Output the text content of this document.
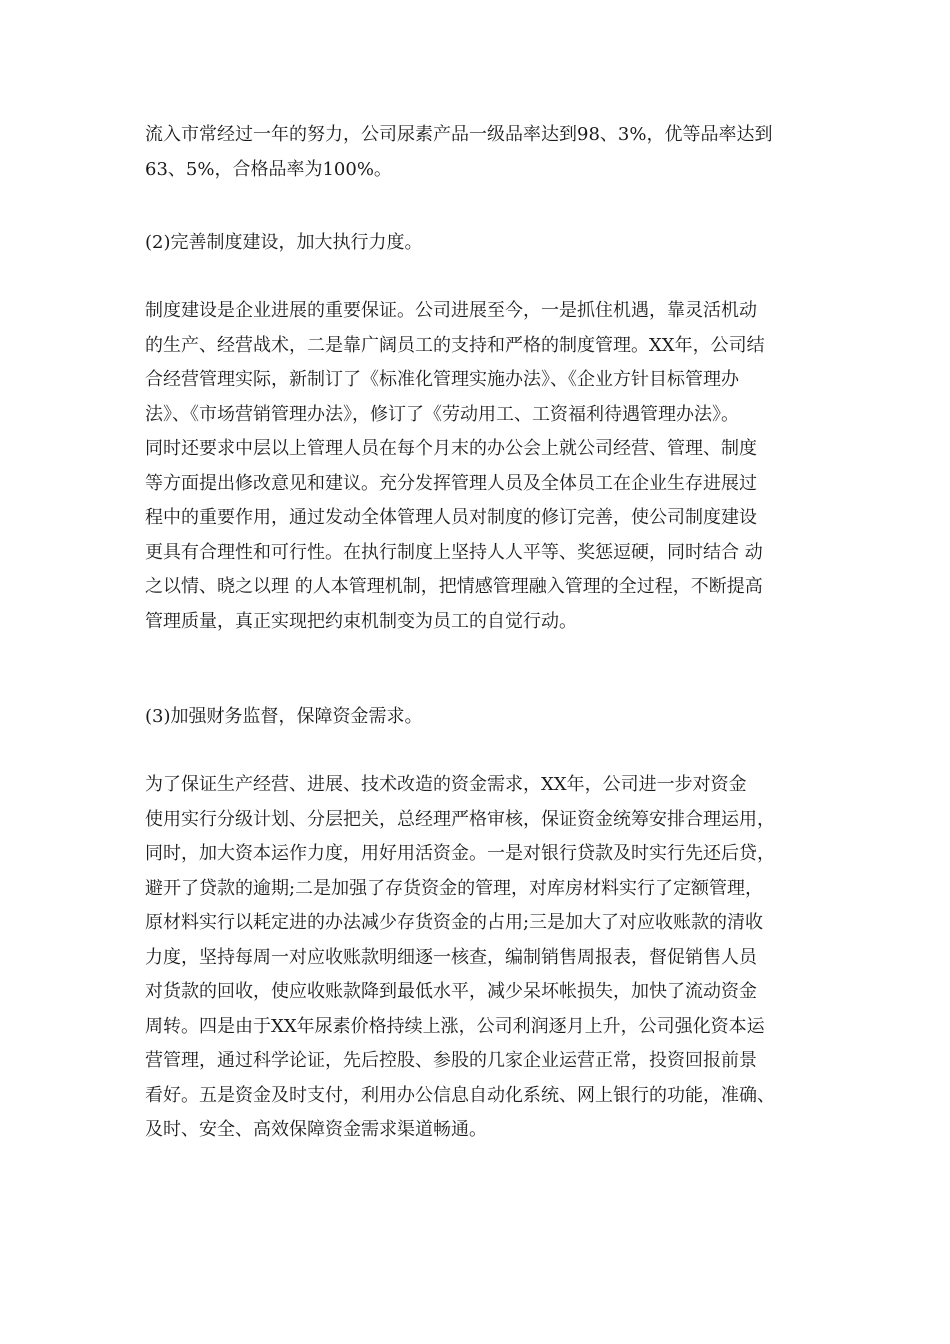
流入市常经过一年的努力，公司尿素产品一级品率达到98、3%，优等品率达到
63、5%，合格品率为100%。
(2)完善制度建设，加大执行力度。
制度建设是企业进展的重要保证。公司进展至今，一是抓住机遇，靠灵活机动
的生产、经营战术，二是靠广阔员工的支持和严格的制度管理。XX年，公司结
合经营管理实际，新制订了《标准化管理实施办法》、《企业方针目标管理办
法》、《市场营销管理办法》，修订了《劳动用工、工资福利待遇管理办法》。
同时还要求中层以上管理人员在每个月末的办公会上就公司经营、管理、制度
等方面提出修改意见和建议。充分发挥管理人员及全体员工在企业生存进展过
程中的重要作用，通过发动全体管理人员对制度的修订完善，使公司制度建设
更具有合理性和可行性。在执行制度上坚持人人平等、奖惩逗硬，同时结合 动
之以情、晓之以理 的人本管理机制，把情感管理融入管理的全过程，不断提高
管理质量，真正实现把约束机制变为员工的自觉行动。
(3)加强财务监督，保障资金需求。
为了保证生产经营、进展、技术改造的资金需求，XX年，公司进一步对资金
使用实行分级计划、分层把关，总经理严格审核，保证资金统筹安排合理运用，
同时，加大资本运作力度，用好用活资金。一是对银行贷款及时实行先还后贷，
避开了贷款的逾期;二是加强了存货资金的管理，对库房材料实行了定额管理，
原材料实行以耗定进的办法减少存货资金的占用;三是加大了对应收账款的清收
力度，坚持每周一对应收账款明细逐一核查，编制销售周报表，督促销售人员
对货款的回收，使应收账款降到最低水平，减少呆坏帐损失，加快了流动资金
周转。四是由于XX年尿素价格持续上涨，公司利润逐月上升，公司强化资本运
营管理，通过科学论证，先后控股、参股的几家企业运营正常，投资回报前景
看好。五是资金及时支付，利用办公信息自动化系统、网上银行的功能，准确、
及时、安全、高效保障资金需求渠道畅通。
